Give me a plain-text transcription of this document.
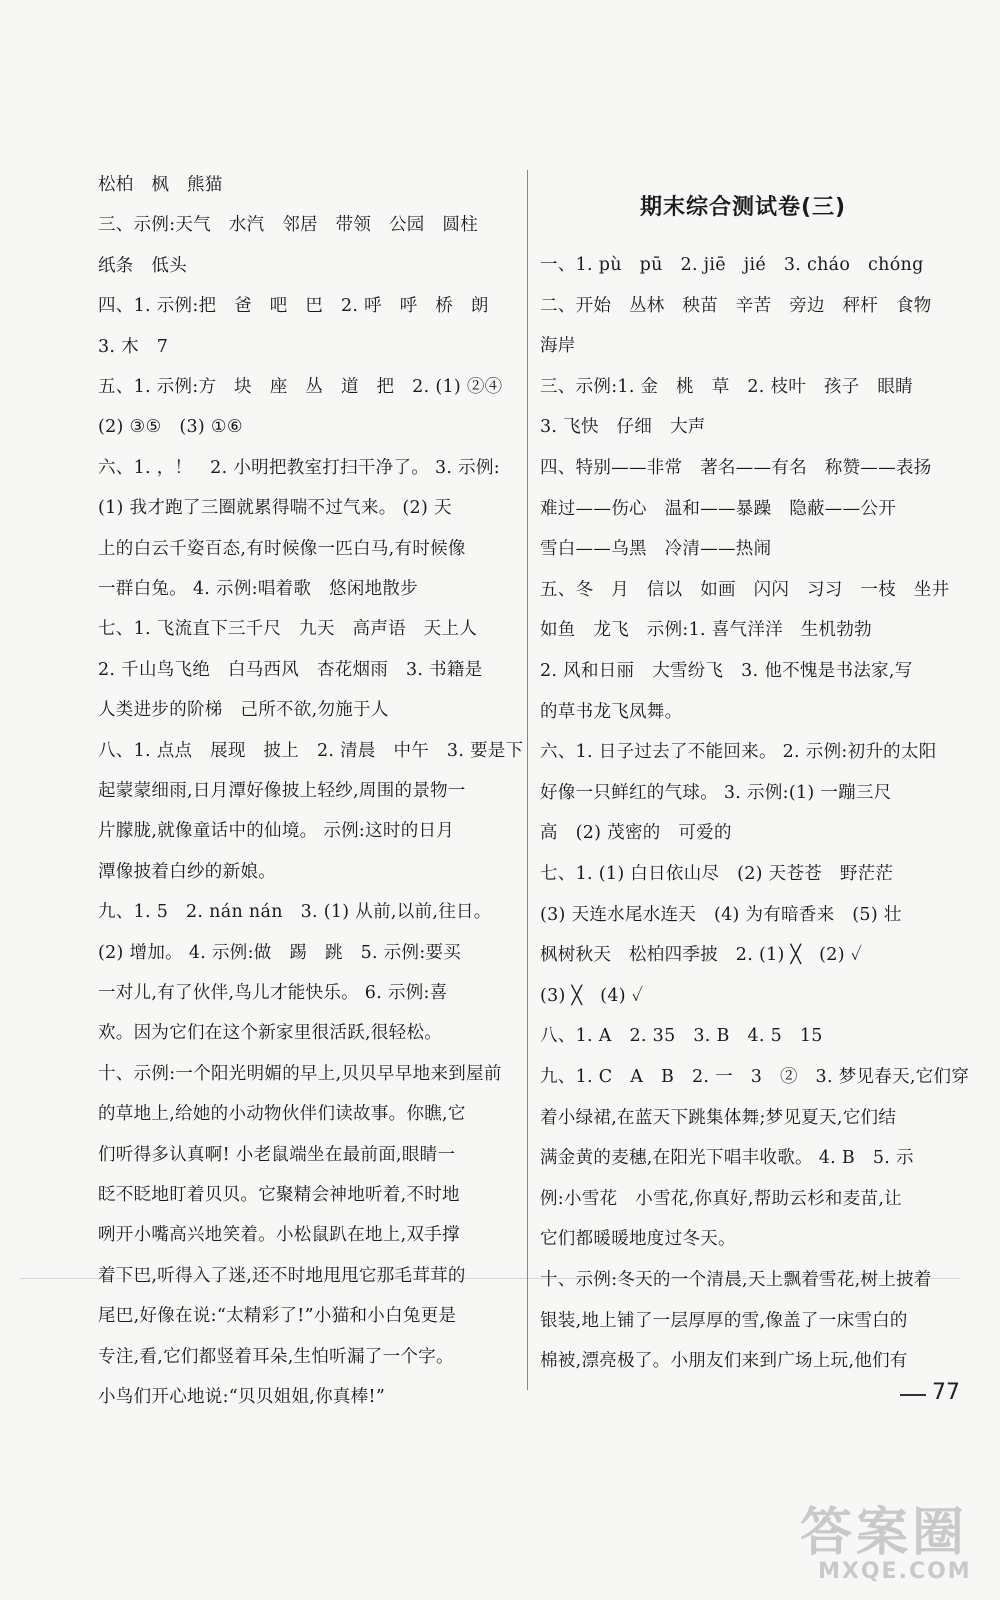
松柏　枫　熊猫
三、示例:天气　水汽　邻居　带领　公园　圆柱
纸条　低头
四、1. 示例:把　爸　吧　巴　2. 呼　呼　桥　朗
3. 木　7
五、1. 示例:方　块　座　丛　道　把　2. (1) ②④
(2) ③⑤　(3) ①⑥
六、1. ，！　2. 小明把教室打扫干净了。 3. 示例:
(1) 我才跑了三圈就累得喘不过气来。 (2) 天
上的白云千姿百态,有时候像一匹白马,有时候像
一群白兔。 4. 示例:唱着歌　悠闲地散步
七、1. 飞流直下三千尺　九天　高声语　天上人
2. 千山鸟飞绝　白马西风　杏花烟雨　3. 书籍是
人类进步的阶梯　己所不欲,勿施于人
八、1. 点点　展现　披上　2. 清晨　中午　3. 要是下
起蒙蒙细雨,日月潭好像披上轻纱,周围的景物一
片朦胧,就像童话中的仙境。 示例:这时的日月
潭像披着白纱的新娘。
九、1. 5　2. nán nán　3. (1) 从前,以前,往日。
(2) 增加。 4. 示例:做　踢　跳　5. 示例:要买
一对儿,有了伙伴,鸟儿才能快乐。 6. 示例:喜
欢。因为它们在这个新家里很活跃,很轻松。
十、示例:一个阳光明媚的早上,贝贝早早地来到屋前
的草地上,给她的小动物伙伴们读故事。你瞧,它
们听得多认真啊! 小老鼠端坐在最前面,眼睛一
眨不眨地盯着贝贝。它聚精会神地听着,不时地
咧开小嘴高兴地笑着。小松鼠趴在地上,双手撑
着下巴,听得入了迷,还不时地甩甩它那毛茸茸的
尾巴,好像在说:“太精彩了!”小猫和小白兔更是
专注,看,它们都竖着耳朵,生怕听漏了一个字。
小鸟们开心地说:“贝贝姐姐,你真棒!”
期末综合测试卷(三)
一、1. pù　pū　2. jiē　jié　3. cháo　chóng
二、开始　丛林　秧苗　辛苦　旁边　秤杆　食物
海岸
三、示例:1. 金　桃　草　2. 枝叶　孩子　眼睛
3. 飞快　仔细　大声
四、特别——非常　著名——有名　称赞——表扬
难过——伤心　温和——暴躁　隐蔽——公开
雪白——乌黑　冷清——热闹
五、冬　月　信以　如画　闪闪　习习　一枝　坐井
如鱼　龙飞　示例:1. 喜气洋洋　生机勃勃
2. 风和日丽　大雪纷飞　3. 他不愧是书法家,写
的草书龙飞凤舞。
六、1. 日子过去了不能回来。 2. 示例:初升的太阳
好像一只鲜红的气球。 3. 示例:(1) 一蹦三尺
高　(2) 茂密的　可爱的
七、1. (1) 白日依山尽　(2) 天苍苍　野茫茫
(3) 天连水尾水连天　(4) 为有暗香来　(5) 壮
枫树秋天　松柏四季披　2. (1) ╳　(2) ✓
(3) ╳　(4) ✓
八、1. A　2. 35　3. B　4. 5　15
九、1. C　A　B　2. 一　3　②　3. 梦见春天,它们穿
着小绿裙,在蓝天下跳集体舞;梦见夏天,它们结
满金黄的麦穗,在阳光下唱丰收歌。 4. B　5. 示
例:小雪花　小雪花,你真好,帮助云杉和麦苗,让
它们都暖暖地度过冬天。
十、示例:冬天的一个清晨,天上飘着雪花,树上披着
银装,地上铺了一层厚厚的雪,像盖了一床雪白的
棉被,漂亮极了。小朋友们来到广场上玩,他们有
77
答案圈
MXQE.COM
